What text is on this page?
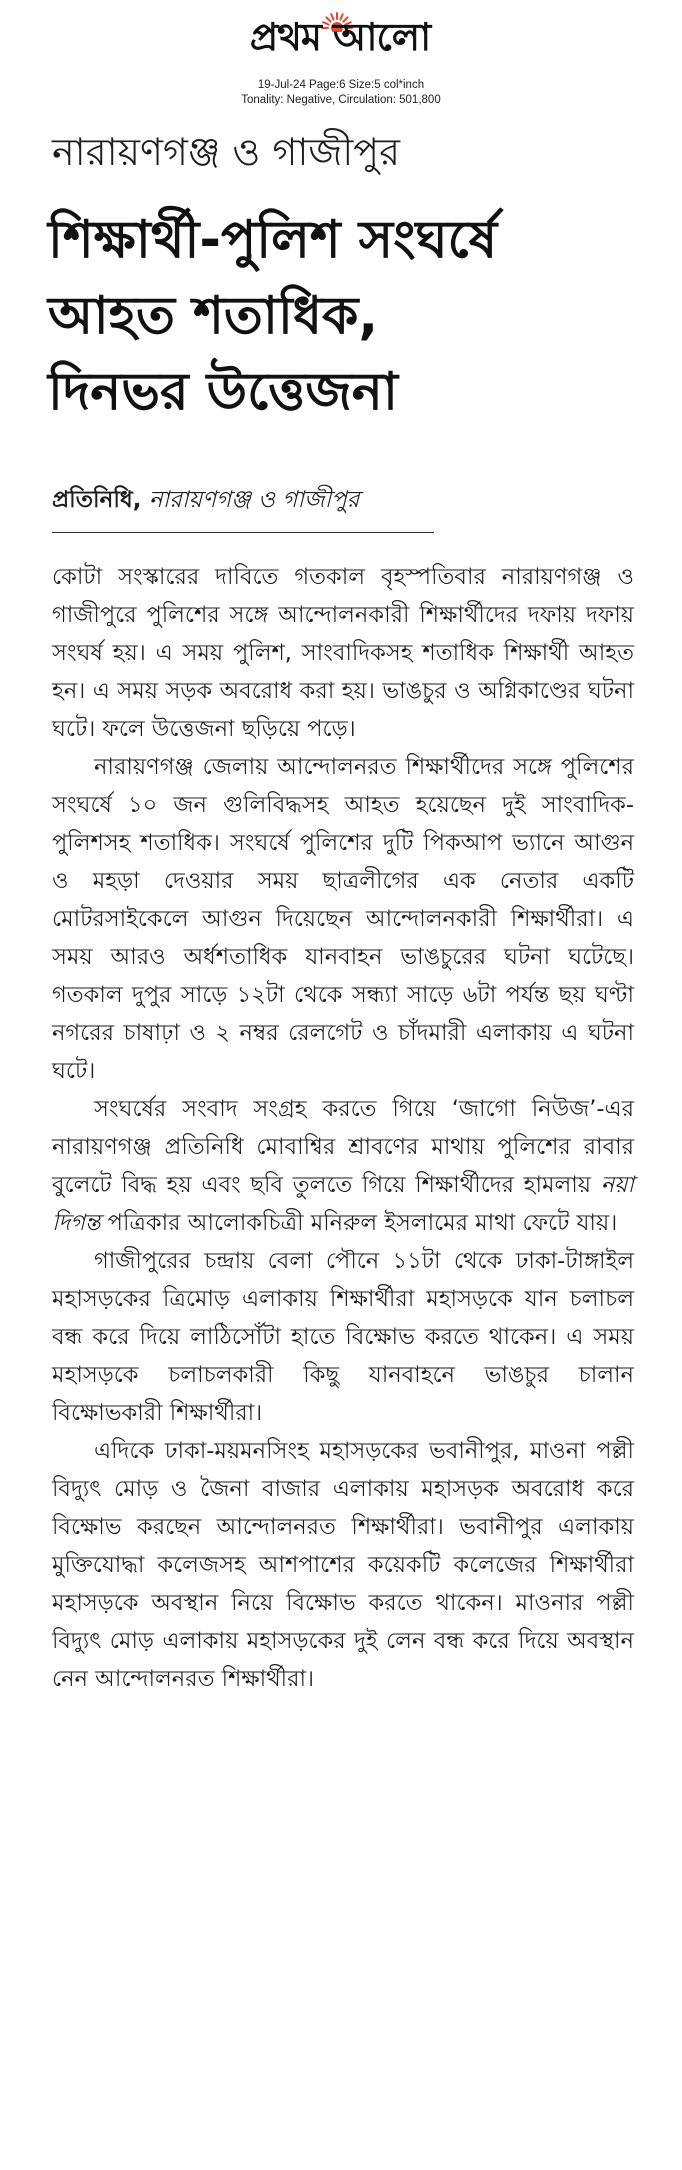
প্রথম আলো
19-Jul-24 Page:6 Size:5 col*inch
Tonality: Negative, Circulation: 501,800
নারায়ণগঞ্জ ও গাজীপুর
শিক্ষার্থী-পুলিশ সংঘর্ষে
আহত শতাধিক,
দিনভর উত্তেজনা
প্রতিনিধি, নারায়ণগঞ্জ ও গাজীপুর

কোটা সংস্কারের দাবিতে গতকাল বৃহস্পতিবার নারায়ণগঞ্জ ও গাজীপুরে পুলিশের সঙ্গে আন্দোলনকারী শিক্ষার্থীদের দফায় দফায় সংঘর্ষ হয়। এ সময় পুলিশ, সাংবাদিকসহ শতাধিক শিক্ষার্থী আহত হন। এ সময় সড়ক অবরোধ করা হয়। ভাঙচুর ও অগ্নিকাণ্ডের ঘটনা ঘটে। ফলে উত্তেজনা ছড়িয়ে পড়ে।

নারায়ণগঞ্জ জেলায় আন্দোলনরত শিক্ষার্থীদের সঙ্গে পুলিশের সংঘর্ষে ১০ জন গুলিবিদ্ধসহ আহত হয়েছেন দুই সাংবাদিক-পুলিশসহ শতাধিক। সংঘর্ষে পুলিশের দুটি পিকআপ ভ্যানে আগুন ও মহড়া দেওয়ার সময় ছাত্রলীগের এক নেতার একটি মোটরসাইকেলে আগুন দিয়েছেন আন্দোলনকারী শিক্ষার্থীরা। এ সময় আরও অর্ধশতাধিক যানবাহন ভাঙচুরের ঘটনা ঘটেছে। গতকাল দুপুর সাড়ে ১২টা থেকে সন্ধ্যা সাড়ে ৬টা পর্যন্ত ছয় ঘণ্টা নগরের চাষাঢ়া ও ২ নম্বর রেলগেট ও চাঁদমারী এলাকায় এ ঘটনা ঘটে।

সংঘর্ষের সংবাদ সংগ্রহ করতে গিয়ে ‘জাগো নিউজ’-এর নারায়ণগঞ্জ প্রতিনিধি মোবাশ্বির শ্রাবণের মাথায় পুলিশের রাবার বুলেটে বিদ্ধ হয় এবং ছবি তুলতে গিয়ে শিক্ষার্থীদের হামলায় নয়া দিগন্ত পত্রিকার আলোকচিত্রী মনিরুল ইসলামের মাথা ফেটে যায়।

গাজীপুরের চন্দ্রায় বেলা পৌনে ১১টা থেকে ঢাকা-টাঙ্গাইল মহাসড়কের ত্রিমোড় এলাকায় শিক্ষার্থীরা মহাসড়কে যান চলাচল বন্ধ করে দিয়ে লাঠিসোঁটা হাতে বিক্ষোভ করতে থাকেন। এ সময় মহাসড়কে চলাচলকারী কিছু যানবাহনে ভাঙচুর চালান বিক্ষোভকারী শিক্ষার্থীরা।

এদিকে ঢাকা-ময়মনসিংহ মহাসড়কের ভবানীপুর, মাওনা পল্লী বিদ্যুৎ মোড় ও জৈনা বাজার এলাকায় মহাসড়ক অবরোধ করে বিক্ষোভ করছেন আন্দোলনরত শিক্ষার্থীরা। ভবানীপুর এলাকায় মুক্তিযোদ্ধা কলেজসহ আশপাশের কয়েকটি কলেজের শিক্ষার্থীরা মহাসড়কে অবস্থান নিয়ে বিক্ষোভ করতে থাকেন। মাওনার পল্লী বিদ্যুৎ মোড় এলাকায় মহাসড়কের দুই লেন বন্ধ করে দিয়ে অবস্থান নেন আন্দোলনরত শিক্ষার্থীরা।
